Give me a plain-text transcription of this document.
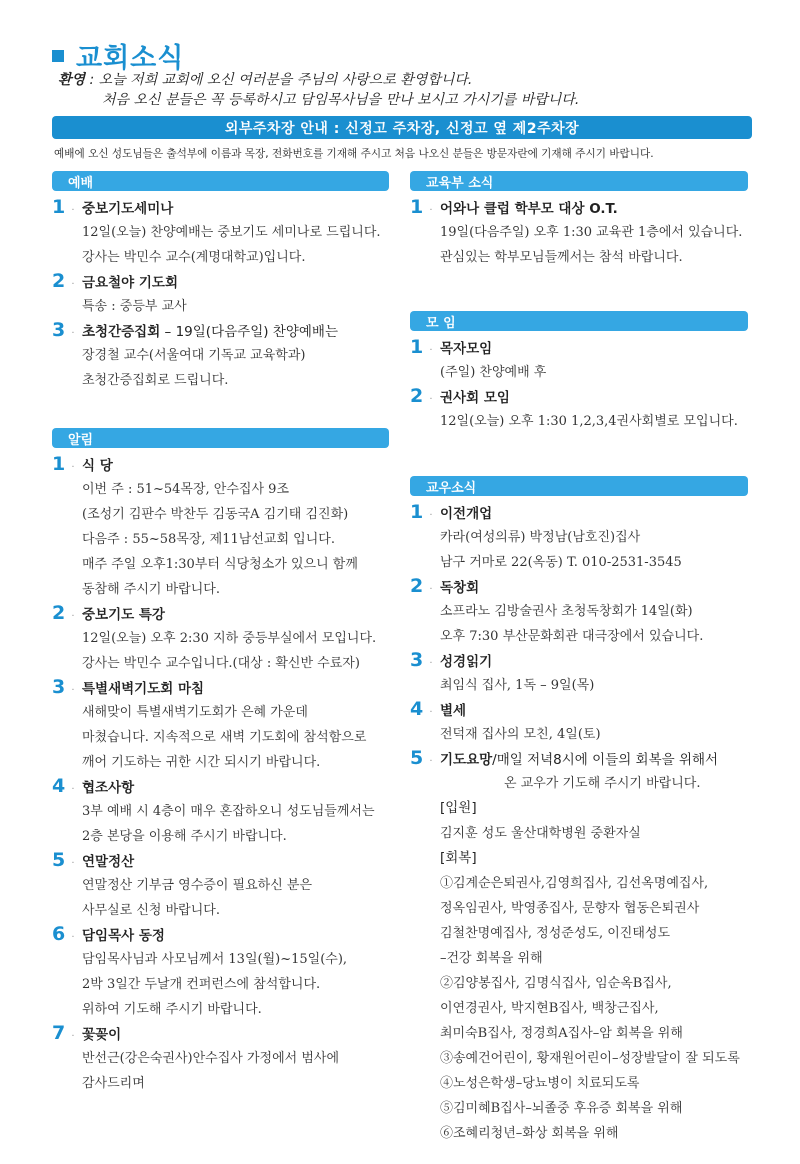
교회소식
환영 : 오늘 저희 교회에 오신 여러분을 주님의 사랑으로 환영합니다.
처음 오신 분들은 꼭 등록하시고 담임목사님을 만나 보시고 가시기를 바랍니다.
외부주차장 안내 : 신정고 주차장, 신정고 옆 제2주차장
예배에 오신 성도님들은 출석부에 이름과 목장, 전화번호를 기재해 주시고 처음 나오신 분들은 방문자란에 기재해 주시기 바랍니다.
예배
1 · 중보기도세미나
12일(오늘) 찬양예배는 중보기도 세미나로 드립니다.
강사는 박민수 교수(계명대학교)입니다.
2 · 금요철야 기도회
특송 : 중등부 교사
3 · 초청간증집회 – 19일(다음주일) 찬양예배는
장경철 교수(서울여대 기독교 교육학과)
초청간증집회로 드립니다.
알림
1 · 식 당
이번 주 : 51~54목장, 안수집사 9조
(조성기 김판수 박찬두 김동국A 김기태 김진화)
다음주 : 55~58목장, 제11남선교회 입니다.
매주 주일 오후1:30부터 식당청소가 있으니 함께
동참해 주시기 바랍니다.
2 · 중보기도 특강
12일(오늘) 오후 2:30 지하 중등부실에서 모입니다.
강사는 박민수 교수입니다.(대상 : 확신반 수료자)
3 · 특별새벽기도회 마침
새해맞이 특별새벽기도회가 은혜 가운데
마쳤습니다. 지속적으로 새벽 기도회에 참석함으로
깨어 기도하는 귀한 시간 되시기 바랍니다.
4 · 협조사항
3부 예배 시 4층이 매우 혼잡하오니 성도님들께서는
2층 본당을 이용해 주시기 바랍니다.
5 · 연말정산
연말정산 기부금 영수증이 필요하신 분은
사무실로 신청 바랍니다.
6 · 담임목사 동정
담임목사님과 사모님께서 13일(월)~15일(수),
2박 3일간 두날개 컨퍼런스에 참석합니다.
위하여 기도해 주시기 바랍니다.
7 · 꽃꽂이
반선근(강은숙권사)안수집사 가정에서 범사에
감사드리며
교육부 소식
1 · 어와나 클럽 학부모 대상 O.T.
19일(다음주일) 오후 1:30 교육관 1층에서 있습니다.
관심있는 학부모님들께서는 참석 바랍니다.
모 임
1 · 목자모임
(주일) 찬양예배 후
2 · 권사회 모임
12일(오늘) 오후 1:30 1,2,3,4권사회별로 모입니다.
교우소식
1 · 이전개업
카라(여성의류) 박정남(남호진)집사
남구 거마로 22(옥동) T. 010-2531-3545
2 · 독창회
소프라노 김방술권사 초청독창회가 14일(화)
오후 7:30 부산문화회관 대극장에서 있습니다.
3 · 성경읽기
최임식 집사, 1독 – 9일(목)
4 · 별세
전덕재 집사의 모친, 4일(토)
5 · 기도요망/매일 저녁8시에 이들의 회복을 위해서
온 교우가 기도해 주시기 바랍니다.
[입원]
김지훈 성도 울산대학병원 중환자실
[회복]
①김계순은퇴권사,김영희집사, 김선옥명예집사,
정옥임권사, 박영종집사, 문향자 협동은퇴권사
김철찬명예집사, 정성준성도, 이진태성도
–건강 회복을 위해
②김양봉집사, 김명식집사, 임순옥B집사,
이연경권사, 박지현B집사, 백창근집사,
최미숙B집사, 정경희A집사–암 회복을 위해
③송예건어린이, 황재원어린이–성장발달이 잘 되도록
④노성은학생–당뇨병이 치료되도록
⑤김미혜B집사–뇌졸중 후유증 회복을 위해
⑥조혜리청년–화상 회복을 위해
